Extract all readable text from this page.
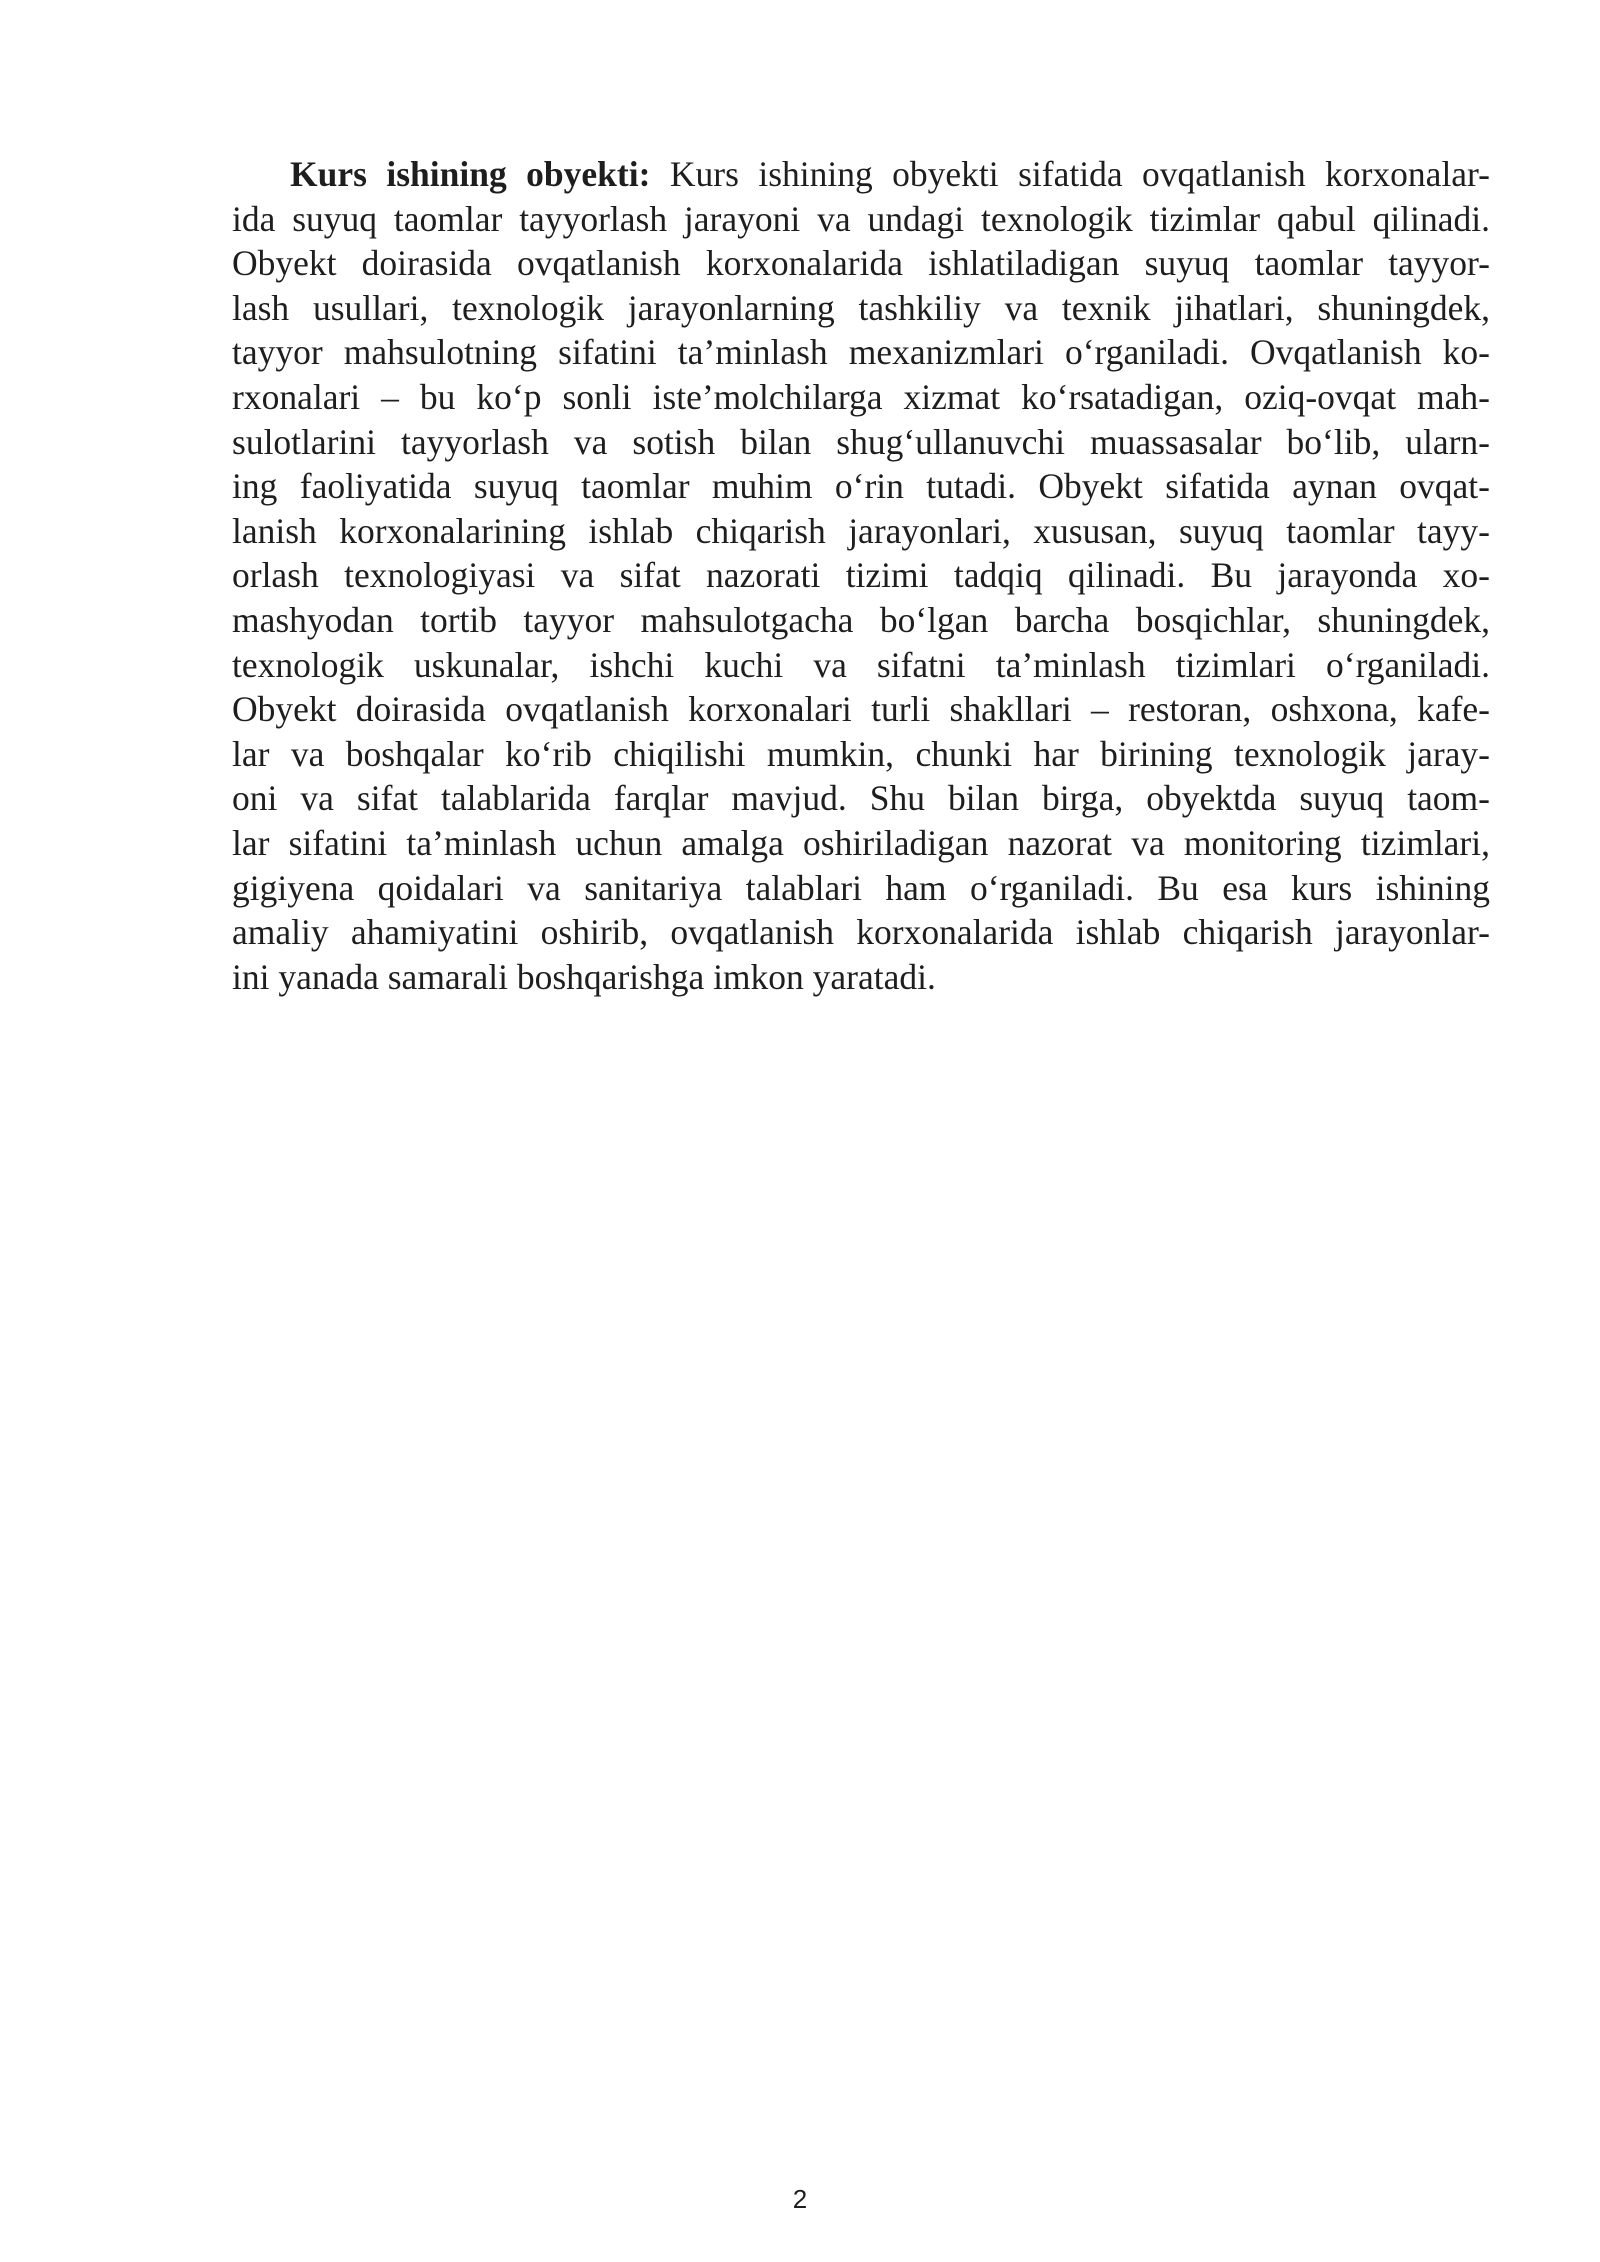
Kurs ishining obyekti: Kurs ishining obyekti sifatida ovqatlanish korxonalar-
ida suyuq taomlar tayyorlash jarayoni va undagi texnologik tizimlar qabul qilinadi.
Obyekt doirasida ovqatlanish korxonalarida ishlatiladigan suyuq taomlar tayyor-
lash usullari, texnologik jarayonlarning tashkiliy va texnik jihatlari, shuningdek,
tayyor mahsulotning sifatini ta’minlash mexanizmlari o‘rganiladi. Ovqatlanish ko-
rxonalari – bu ko‘p sonli iste’molchilarga xizmat ko‘rsatadigan, oziq-ovqat mah-
sulotlarini tayyorlash va sotish bilan shug‘ullanuvchi muassasalar bo‘lib, ularn-
ing faoliyatida suyuq taomlar muhim o‘rin tutadi. Obyekt sifatida aynan ovqat-
lanish korxonalarining ishlab chiqarish jarayonlari, xususan, suyuq taomlar tayy-
orlash texnologiyasi va sifat nazorati tizimi tadqiq qilinadi. Bu jarayonda xo-
mashyodan tortib tayyor mahsulotgacha bo‘lgan barcha bosqichlar, shuningdek,
texnologik uskunalar, ishchi kuchi va sifatni ta’minlash tizimlari o‘rganiladi.
Obyekt doirasida ovqatlanish korxonalari turli shakllari – restoran, oshxona, kafe-
lar va boshqalar ko‘rib chiqilishi mumkin, chunki har birining texnologik jaray-
oni va sifat talablarida farqlar mavjud. Shu bilan birga, obyektda suyuq taom-
lar sifatini ta’minlash uchun amalga oshiriladigan nazorat va monitoring tizimlari,
gigiyena qoidalari va sanitariya talablari ham o‘rganiladi. Bu esa kurs ishining
amaliy ahamiyatini oshirib, ovqatlanish korxonalarida ishlab chiqarish jarayonlar-
ini yanada samarali boshqarishga imkon yaratadi.
2
